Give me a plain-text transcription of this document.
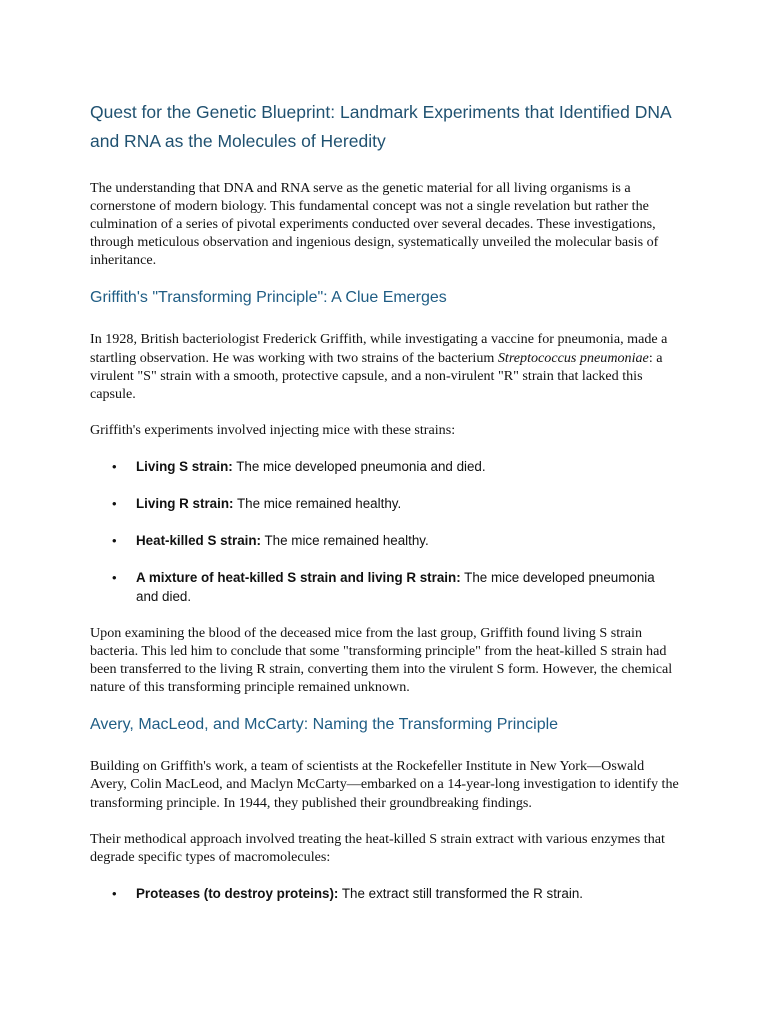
Quest for the Genetic Blueprint: Landmark Experiments that Identified DNA and RNA as the Molecules of Heredity

The understanding that DNA and RNA serve as the genetic material for all living organisms is a cornerstone of modern biology. This fundamental concept was not a single revelation but rather the culmination of a series of pivotal experiments conducted over several decades. These investigations, through meticulous observation and ingenious design, systematically unveiled the molecular basis of inheritance.

Griffith's "Transforming Principle": A Clue Emerges

In 1928, British bacteriologist Frederick Griffith, while investigating a vaccine for pneumonia, made a startling observation. He was working with two strains of the bacterium Streptococcus pneumoniae: a virulent "S" strain with a smooth, protective capsule, and a non-virulent "R" strain that lacked this capsule.

Griffith's experiments involved injecting mice with these strains:

• Living S strain: The mice developed pneumonia and died.
• Living R strain: The mice remained healthy.
• Heat-killed S strain: The mice remained healthy.
• A mixture of heat-killed S strain and living R strain: The mice developed pneumonia and died.

Upon examining the blood of the deceased mice from the last group, Griffith found living S strain bacteria. This led him to conclude that some "transforming principle" from the heat-killed S strain had been transferred to the living R strain, converting them into the virulent S form. However, the chemical nature of this transforming principle remained unknown.

Avery, MacLeod, and McCarty: Naming the Transforming Principle

Building on Griffith's work, a team of scientists at the Rockefeller Institute in New York—Oswald Avery, Colin MacLeod, and Maclyn McCarty—embarked on a 14-year-long investigation to identify the transforming principle. In 1944, they published their groundbreaking findings.

Their methodical approach involved treating the heat-killed S strain extract with various enzymes that degrade specific types of macromolecules:

• Proteases (to destroy proteins): The extract still transformed the R strain.
